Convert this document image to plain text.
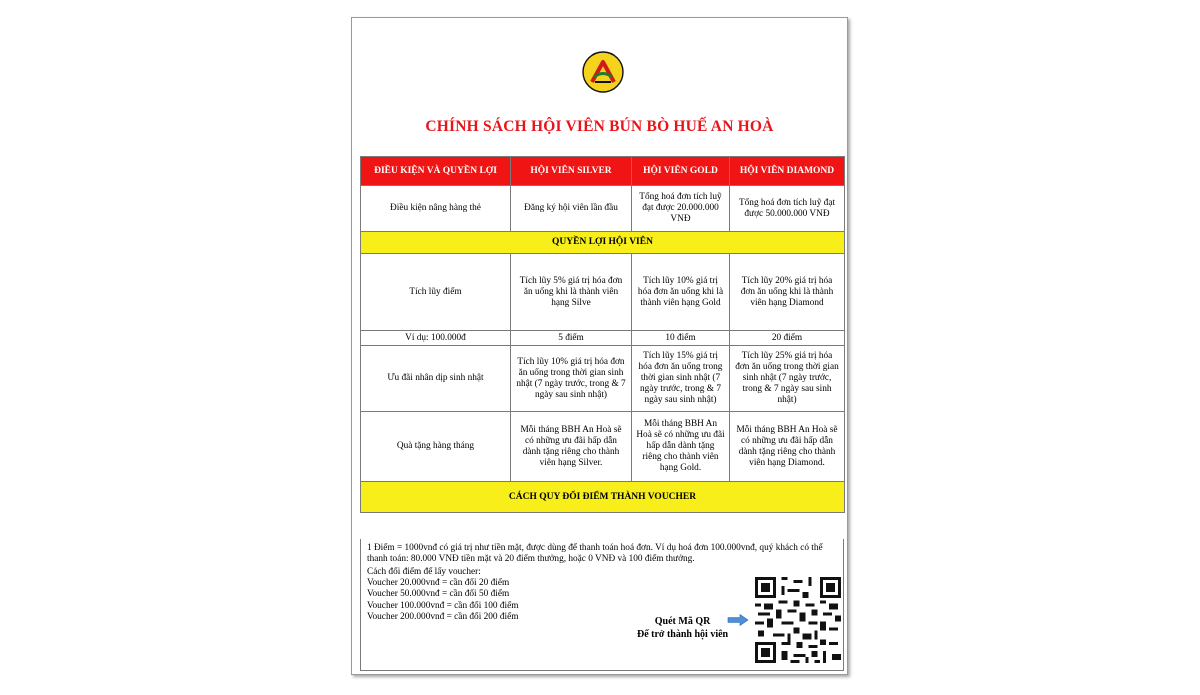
CHÍNH SÁCH HỘI VIÊN BÚN BÒ HUẾ AN HOÀ
ĐIỀU KIỆN VÀ QUYỀN LỢI	HỘI VIÊN SILVER	HỘI VIÊN GOLD	HỘI VIÊN DIAMOND
Điều kiện nâng hàng thẻ	Đăng ký hội viên lần đầu	Tổng hoá đơn tích luỹ đạt được 20.000.000 VNĐ	Tổng hoá đơn tích luỹ đạt được 50.000.000 VNĐ
QUYỀN LỢI HỘI VIÊN			
Tích lũy điểm	Tích lũy 5% giá trị hóa đơn ăn uống khi là thành viên hạng Silve	Tích lũy 10% giá trị hóa đơn ăn uống khi là thành viên hạng Gold	Tích lũy 20% giá trị hóa đơn ăn uống khi là thành viên hạng Diamond
Ví dụ: 100.000đ	5 điểm	10 điểm	20 điểm
Ưu đãi nhân dịp sinh nhật	Tích lũy 10% giá trị hóa đơn ăn uống trong thời gian sinh nhật (7 ngày trước, trong & 7 ngày sau sinh nhật)	Tích lũy 15% giá trị hóa đơn ăn uống trong thời gian sinh nhật (7 ngày trước, trong & 7 ngày sau sinh nhật)	Tích lũy 25% giá trị hóa đơn ăn uống trong thời gian sinh nhật (7 ngày trước, trong & 7 ngày sau sinh nhật)
Quà tặng hàng tháng	Mỗi tháng BBH An Hoà sẽ có những ưu đãi hấp dẫn dành tặng riêng cho thành viên hạng Silver.	Mỗi tháng BBH An Hoà sẽ có những ưu đãi hấp dẫn dành tặng riêng cho thành viên hạng Gold.	Mỗi tháng BBH An Hoà sẽ có những ưu đãi hấp dẫn dành tặng riêng cho thành viên hạng Diamond.
CÁCH QUY ĐỔI ĐIỂM THÀNH VOUCHER			
1 Điểm = 1000vnđ có giá trị như tiền mặt, được dùng để thanh toán hoá đơn. Ví dụ hoá đơn 100.000vnđ, quý khách có thể thanh toán: 80.000 VNĐ tiền mặt và 20 điểm thưởng, hoặc 0 VNĐ và 100 điểm thưởng.
Cách đổi điểm để lấy voucher:
Voucher 20.000vnđ = cần đổi 20 điểm
Voucher 50.000vnđ = cần đổi 50 điểm
Voucher 100.000vnđ = cần đổi 100 điểm
Voucher 200.000vnđ = cần đổi 200 điểm	Quét Mã QR
Để trở thành hội viên
